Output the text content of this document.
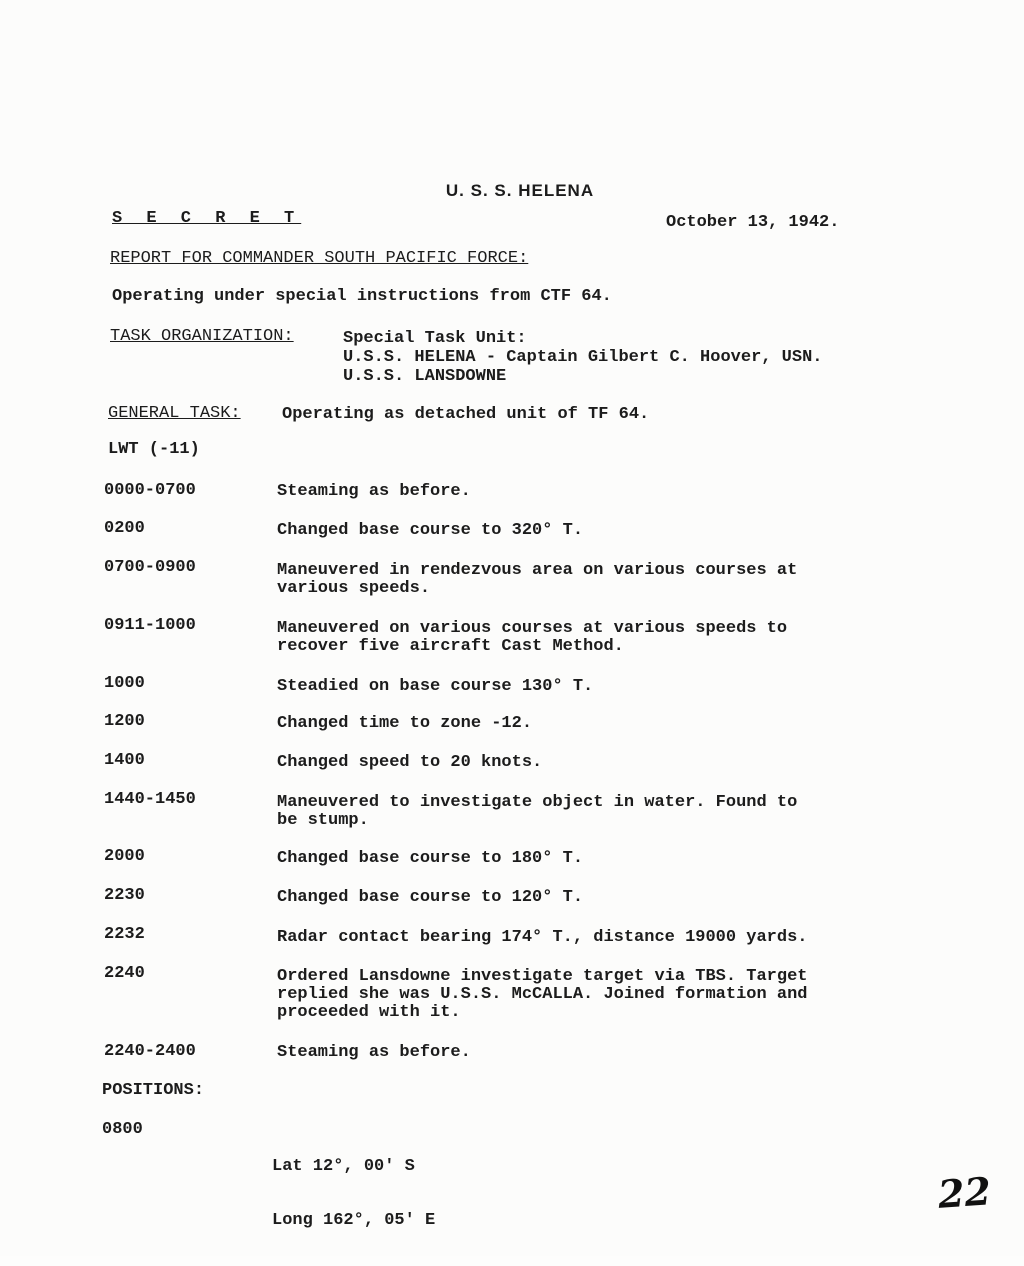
U. S. S. HELENA
S E C R E T	October 13, 1942.
REPORT FOR COMMANDER SOUTH PACIFIC FORCE:
Operating under special instructions from CTF 64.
TASK ORGANIZATION:	Special Task Unit:
U.S.S. HELENA - Captain Gilbert C. Hoover, USN.
U.S.S. LANSDOWNE
GENERAL TASK: Operating as detached unit of TF 64.
LWT (-11)
0000-0700	Steaming as before.
0200	Changed base course to 320° T.
0700-0900	Maneuvered in rendezvous area on various courses at
various speeds.
0911-1000	Maneuvered on various courses at various speeds to
recover five aircraft Cast Method.
1000	Steadied on base course 130° T.
1200	Changed time to zone -12.
1400	Changed speed to 20 knots.
1440-1450	Maneuvered to investigate object in water. Found to
be stump.
2000	Changed base course to 180° T.
2230	Changed base course to 120° T.
2232	Radar contact bearing 174° T., distance 19000 yards.
2240	Ordered Lansdowne investigate target via TBS. Target
replied she was U.S.S. McCALLA. Joined formation and
proceeded with it.
2240-2400	Steaming as before.
POSITIONS:
0800

Lat 12°, 00' S

Long 162°, 05' E

22
